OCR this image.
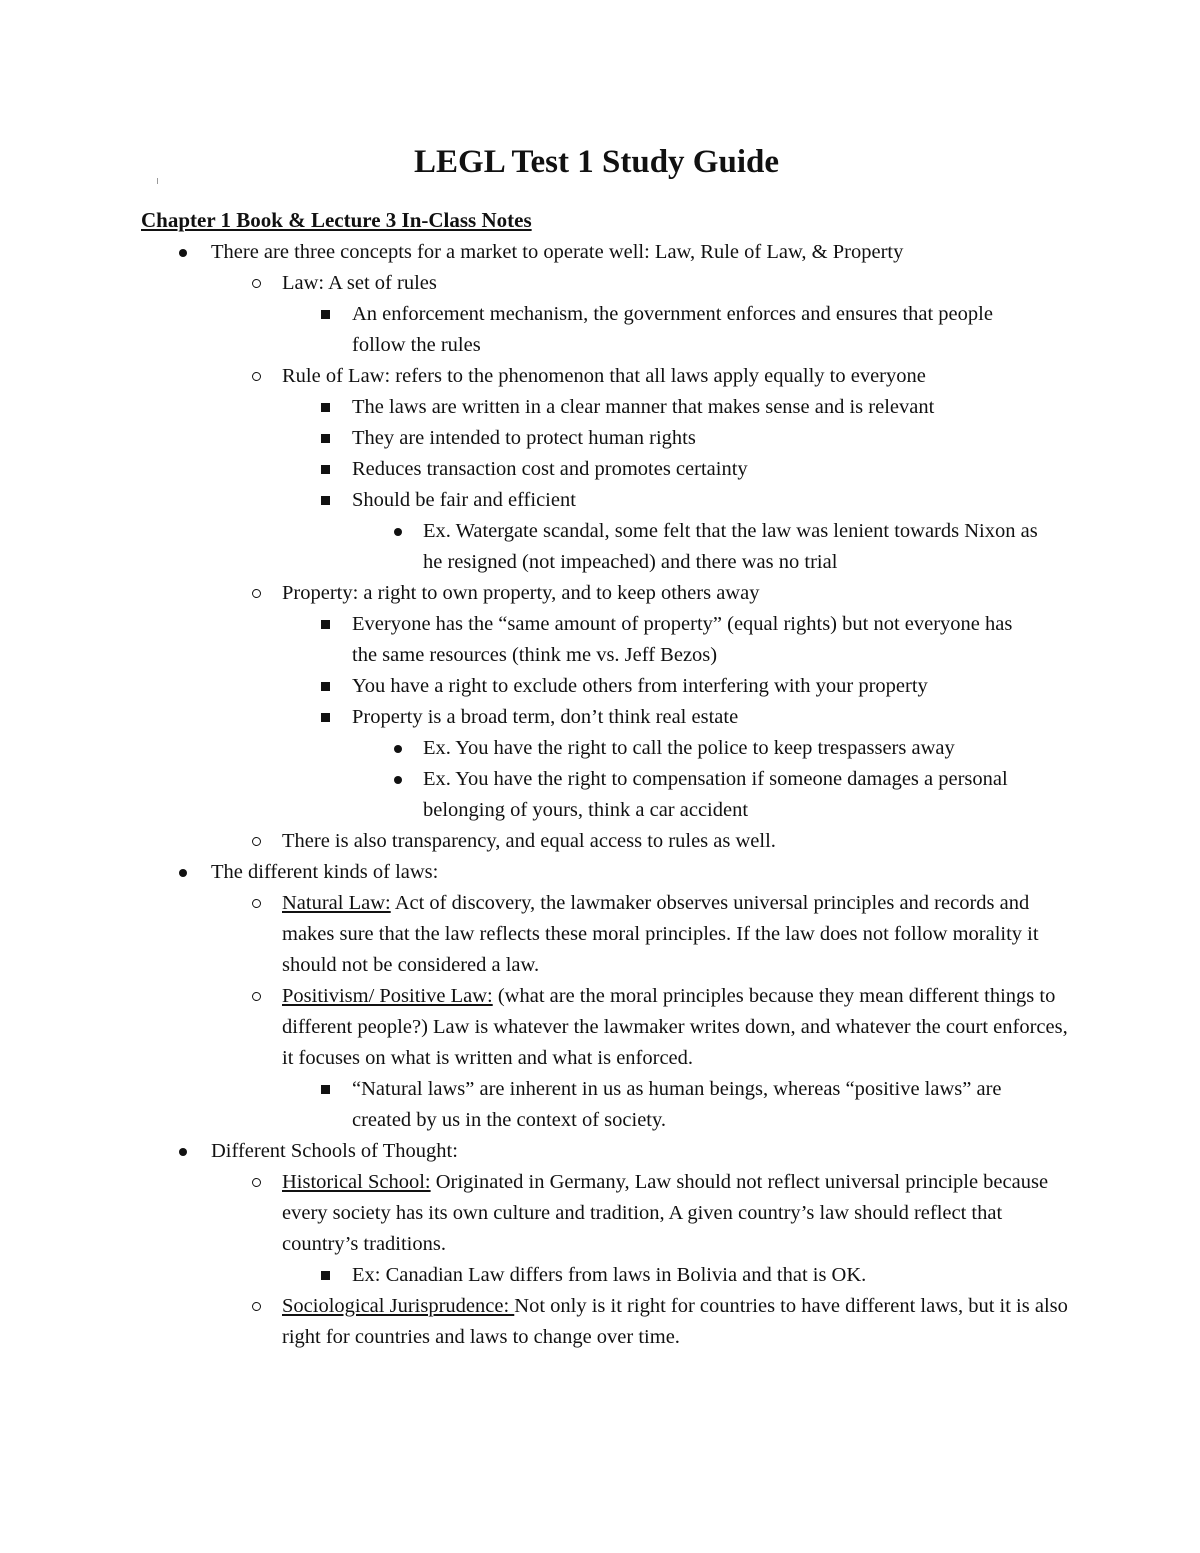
LEGL Test 1 Study Guide
Chapter 1 Book & Lecture 3 In-Class Notes
There are three concepts for a market to operate well: Law, Rule of Law, & Property
Law: A set of rules
An enforcement mechanism, the government enforces and ensures that people follow the rules
Rule of Law: refers to the phenomenon that all laws apply equally to everyone
The laws are written in a clear manner that makes sense and is relevant
They are intended to protect human rights
Reduces transaction cost and promotes certainty
Should be fair and efficient
Ex. Watergate scandal, some felt that the law was lenient towards Nixon as he resigned (not impeached) and there was no trial
Property: a right to own property, and to keep others away
Everyone has the “same amount of property” (equal rights) but not everyone has the same resources (think me vs. Jeff Bezos)
You have a right to exclude others from interfering with your property
Property is a broad term, don’t think real estate
Ex. You have the right to call the police to keep trespassers away
Ex. You have the right to compensation if someone damages a personal belonging of yours, think a car accident
There is also transparency, and equal access to rules as well.
The different kinds of laws:
Natural Law: Act of discovery, the lawmaker observes universal principles and records and makes sure that the law reflects these moral principles. If the law does not follow morality it should not be considered a law.
Positivism/ Positive Law: (what are the moral principles because they mean different things to different people?) Law is whatever the lawmaker writes down, and whatever the court enforces, it focuses on what is written and what is enforced.
“Natural laws” are inherent in us as human beings, whereas “positive laws” are created by us in the context of society.
Different Schools of Thought:
Historical School: Originated in Germany, Law should not reflect universal principle because every society has its own culture and tradition, A given country’s law should reflect that country’s traditions.
Ex: Canadian Law differs from laws in Bolivia and that is OK.
Sociological Jurisprudence: Not only is it right for countries to have different laws, but it is also right for countries and laws to change over time.
